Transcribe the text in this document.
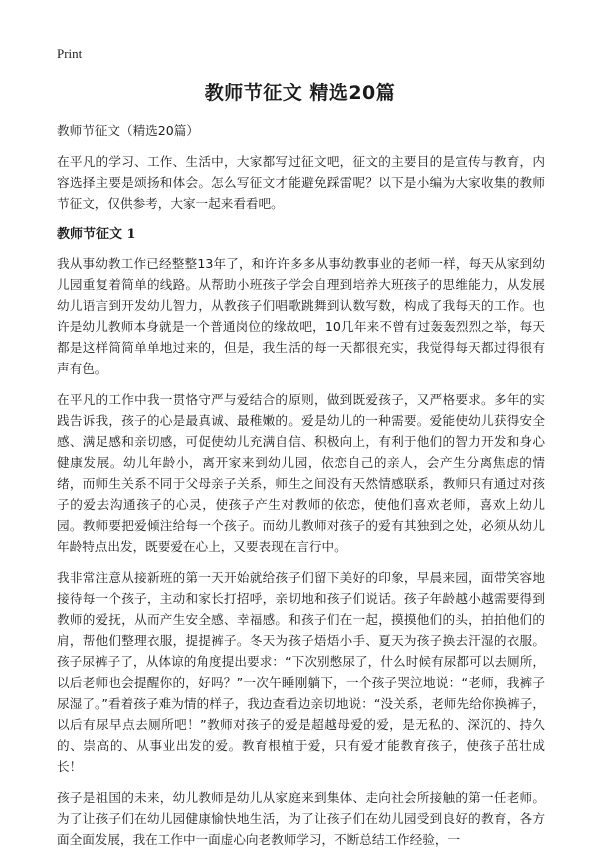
Print
教师节征文 精选20篇

教师节征文（精选20篇）

在平凡的学习、工作、生活中，大家都写过征文吧，征文的主要目的是宣传与教育，内容选择主要是颂扬和体会。怎么写征文才能避免踩雷呢？以下是小编为大家收集的教师节征文，仅供参考，大家一起来看看吧。

教师节征文 1

我从事幼教工作已经整整13年了，和许许多多从事幼教事业的老师一样，每天从家到幼儿园重复着简单的线路。从帮助小班孩子学会自理到培养大班孩子的思维能力，从发展幼儿语言到开发幼儿智力，从教孩子们唱歌跳舞到认数写数，构成了我每天的工作。也许是幼儿教师本身就是一个普通岗位的缘故吧，10几年来不曾有过轰轰烈烈之举，每天都是这样简简单单地过来的，但是，我生活的每一天都很充实，我觉得每天都过得很有声有色。

在平凡的工作中我一贯恪守严与爱结合的原则，做到既爱孩子，又严格要求。多年的实践告诉我，孩子的心是最真诚、最稚嫩的。爱是幼儿的一种需要。爱能使幼儿获得安全感、满足感和亲切感，可促使幼儿充满自信、积极向上，有利于他们的智力开发和身心健康发展。幼儿年龄小，离开家来到幼儿园，依恋自己的亲人，会产生分离焦虑的情绪，而师生关系不同于父母亲子关系，师生之间没有天然情感联系，教师只有通过对孩子的爱去沟通孩子的心灵，使孩子产生对教师的依恋，使他们喜欢老师，喜欢上幼儿园。教师要把爱倾注给每一个孩子。而幼儿教师对孩子的爱有其独到之处，必须从幼儿年龄特点出发，既要爱在心上，又要表现在言行中。

我非常注意从接新班的第一天开始就给孩子们留下美好的印象，早晨来园，面带笑容地接待每一个孩子，主动和家长打招呼，亲切地和孩子们说话。孩子年龄越小越需要得到教师的爱抚，从而产生安全感、幸福感。和孩子们在一起，摸摸他们的头，拍拍他们的肩，帮他们整理衣服，提提裤子。冬天为孩子焐焐小手、夏天为孩子换去汗湿的衣服。孩子尿裤子了，从体谅的角度提出要求：“下次别憋尿了，什么时候有尿都可以去厕所，以后老师也会提醒你的，好吗？”一次午睡刚躺下，一个孩子哭泣地说：“老师，我裤子尿湿了。”看着孩子难为情的样子，我边查看边亲切地说：“没关系，老师先给你换裤子，以后有尿早点去厕所吧！”教师对孩子的爱是超越母爱的爱，是无私的、深沉的、持久的、崇高的、从事业出发的爱。教育根植于爱，只有爱才能教育孩子，使孩子茁壮成长！

孩子是祖国的未来，幼儿教师是幼儿从家庭来到集体、走向社会所接触的第一任老师。为了让孩子们在幼儿园健康愉快地生活，为了让孩子们在幼儿园受到良好的教育，各方面全面发展，我在工作中一面虚心向老教师学习，不断总结工作经验，一
